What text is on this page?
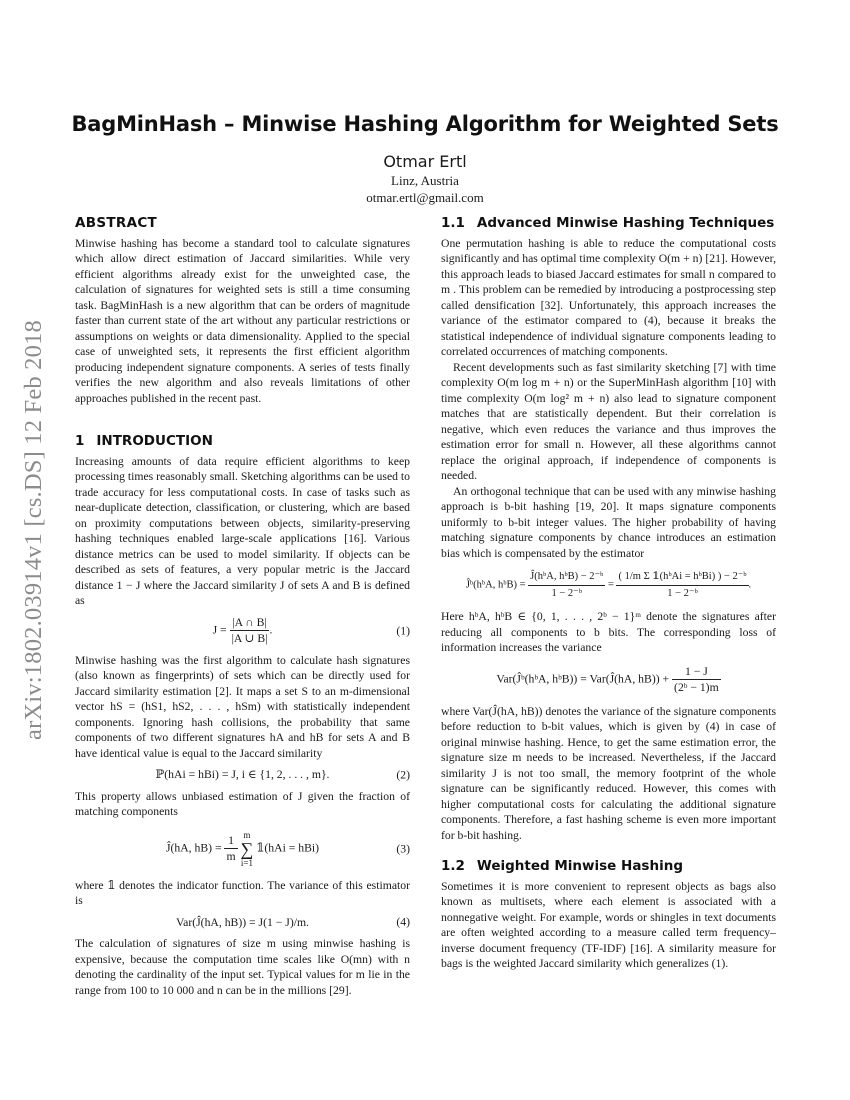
arXiv:1802.03914v1 [cs.DS] 12 Feb 2018
BagMinHash – Minwise Hashing Algorithm for Weighted Sets
Otmar Ertl
Linz, Austria
otmar.ertl@gmail.com
ABSTRACT

Minwise hashing has become a standard tool to calculate signatures which allow direct estimation of Jaccard similarities. While very efficient algorithms already exist for the unweighted case, the calculation of signatures for weighted sets is still a time consuming task. BagMinHash is a new algorithm that can be orders of magnitude faster than current state of the art without any particular restrictions or assumptions on weights or data dimensionality. Applied to the special case of unweighted sets, it represents the first efficient algorithm producing independent signature components. A series of tests finally verifies the new algorithm and also reveals limitations of other approaches published in the recent past.

1 INTRODUCTION

Increasing amounts of data require efficient algorithms to keep processing times reasonably small. Sketching algorithms can be used to trade accuracy for less computational costs. In case of tasks such as near-duplicate detection, classification, or clustering, which are based on proximity computations between objects, similarity-preserving hashing techniques enabled large-scale applications [16]. Various distance metrics can be used to model similarity. If objects can be described as sets of features, a very popular metric is the Jaccard distance 1 − J where the Jaccard similarity J of sets A and B is defined as

$J = \frac{|A \cap B|}{|A \cup B|}$ .	(1)

Minwise hashing was the first algorithm to calculate hash signatures (also known as fingerprints) of sets which can be directly used for Jaccard similarity estimation [2]. It maps a set S to an m-dimensional vector hS = (hS1, hS2, . . . , hSm) with statistically independent components. Ignoring hash collisions, the probability that same components of two different signatures hA and hB for sets A and B have identical value is equal to the Jaccard similarity

ℙ(hAi = hBi) = J, i ∈ {1, 2, . . . , m}.	(2)

This property allows unbiased estimation of J given the fraction of matching components

Ĵ(hA, $hB) = \frac{1}{m}$ m
∑
i=1 𝟙(hAi = hBi)	(3)

where 𝟙 denotes the indicator function. The variance of this estimator is

Var(Ĵ(hA, hB)) = J(1 − J)/m.	(4)

The calculation of signatures of size m using minwise hashing is expensive, because the computation time scales like O(mn) with n denoting the cardinality of the input set. Typical values for m lie in the range from 100 to 10 000 and n can be in the millions [29].

1.1 Advanced Minwise Hashing Techniques

One permutation hashing is able to reduce the computational costs significantly and has optimal time complexity O(m + n) [21]. However, this approach leads to biased Jaccard estimates for small n compared to m . This problem can be remedied by introducing a postprocessing step called densification [32]. Unfortunately, this approach increases the variance of the estimator compared to (4), because it breaks the statistical independence of individual signature components leading to correlated occurrences of matching components.

Recent developments such as fast similarity sketching [7] with time complexity O(m log m + n) or the SuperMinHash algorithm [10] with time complexity O(m log² m + n) also lead to signature component matches that are statistically dependent. But their correlation is negative, which even reduces the variance and thus improves the estimation error for small n. However, all these algorithms cannot replace the original approach, if independence of components is needed.

An orthogonal technique that can be used with any minwise hashing approach is b-bit hashing [19, 20]. It maps signature components uniformly to b-bit integer values. The higher probability of having matching signature components by chance introduces an estimation bias which is compensated by the estimator

Ĵᵇ(hᵇA, hᵇB) = $\frac{\text{Ĵ(hᵇA, hᵇB) − 2⁻ᵇ}}{\text{1 − 2⁻ᵇ}} = \frac{\text{( 1/m Σ 𝟙(hᵇAi = hᵇBi) ) − 2⁻ᵇ}}{\text{1 − 2⁻ᵇ}}$ .

Here hᵇA, hᵇB ∈ {0, 1, . . . , 2ᵇ − 1}ᵐ denote the signatures after reducing all components to b bits. The corresponding loss of information increases the variance

Var(Ĵᵇ(hᵇA, hᵇB)) = Var(Ĵ(hA, $hB)) + \frac{1 - J}{\text{(2ᵇ − 1)m}}$

where Var(Ĵ(hA, hB)) denotes the variance of the signature components before reduction to b-bit values, which is given by (4) in case of original minwise hashing. Hence, to get the same estimation error, the signature size m needs to be increased. Nevertheless, if the Jaccard similarity J is not too small, the memory footprint of the whole signature can be significantly reduced. However, this comes with higher computational costs for calculating the additional signature components. Therefore, a fast hashing scheme is even more important for b-bit hashing.

1.2 Weighted Minwise Hashing

Sometimes it is more convenient to represent objects as bags also known as multisets, where each element is associated with a nonnegative weight. For example, words or shingles in text documents are often weighted according to a measure called term frequency–inverse document frequency (TF-IDF) [16]. A similarity measure for bags is the weighted Jaccard similarity which generalizes (1).
